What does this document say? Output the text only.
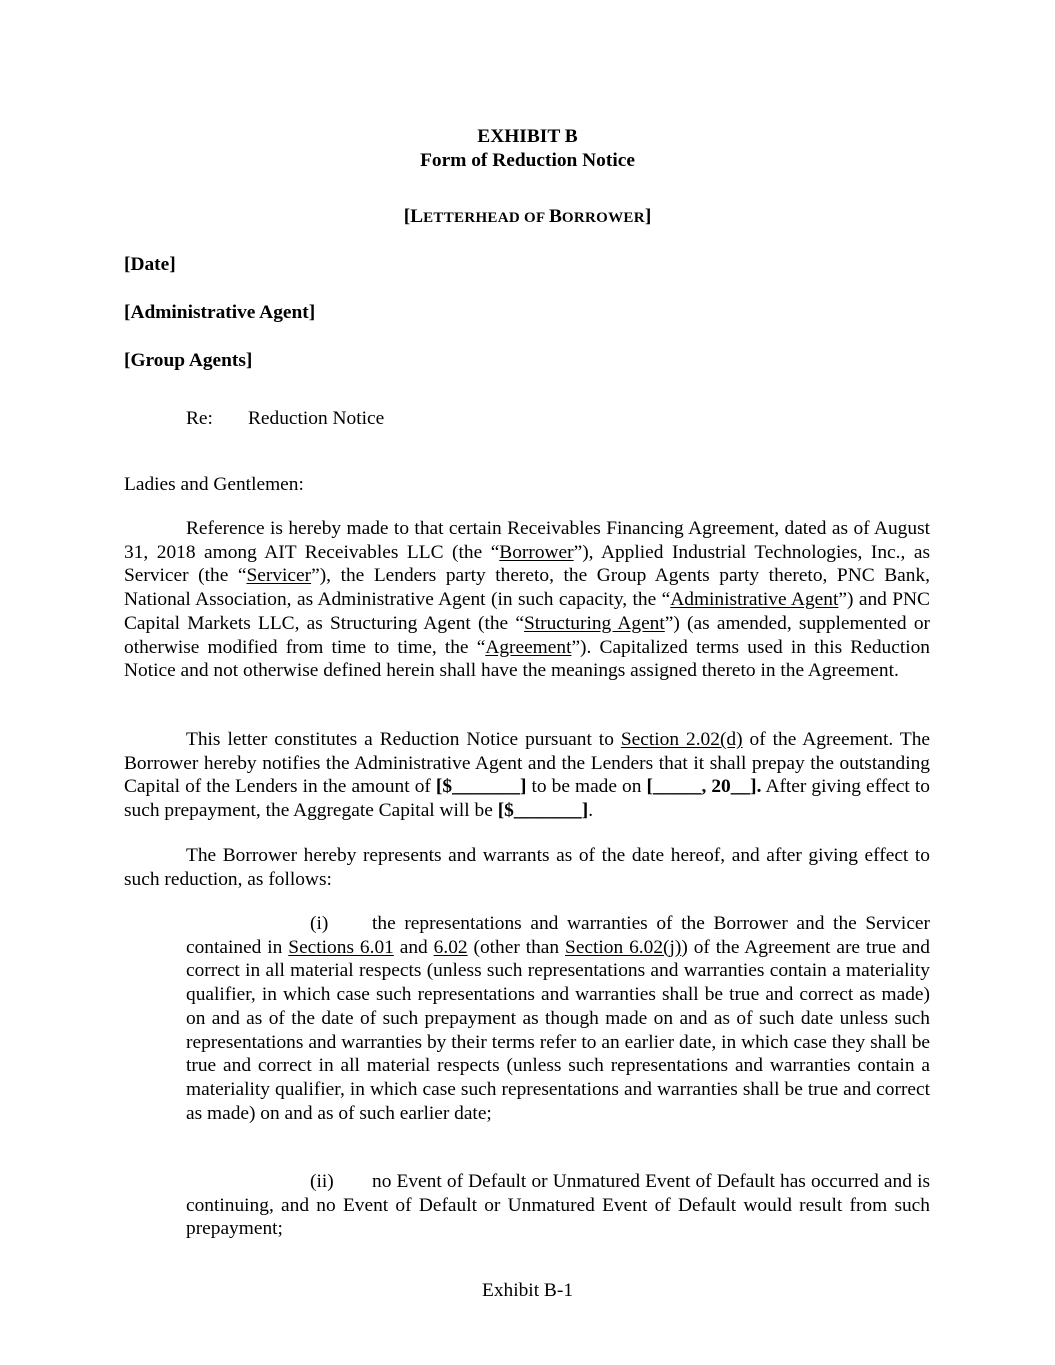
EXHIBIT B
Form of Reduction Notice
[LETTERHEAD OF BORROWER]
[Date]
[Administrative Agent]
[Group Agents]
Re: Reduction Notice
Ladies and Gentlemen:
Reference is hereby made to that certain Receivables Financing Agreement, dated as of August 31, 2018 among AIT Receivables LLC (the “Borrower”), Applied Industrial Technologies, Inc., as Servicer (the “Servicer”), the Lenders party thereto, the Group Agents party thereto, PNC Bank, National Association, as Administrative Agent (in such capacity, the “Administrative Agent”) and PNC Capital Markets LLC, as Structuring Agent (the “Structuring Agent”) (as amended, supplemented or otherwise modified from time to time, the “Agreement”). Capitalized terms used in this Reduction Notice and not otherwise defined herein shall have the meanings assigned thereto in the Agreement.
This letter constitutes a Reduction Notice pursuant to Section 2.02(d) of the Agreement. The Borrower hereby notifies the Administrative Agent and the Lenders that it shall prepay the outstanding Capital of the Lenders in the amount of [$_______] to be made on [_____, 20__]. After giving effect to such prepayment, the Aggregate Capital will be [$_______].
The Borrower hereby represents and warrants as of the date hereof, and after giving effect to such reduction, as follows:
(i) the representations and warranties of the Borrower and the Servicer contained in Sections 6.01 and 6.02 (other than Section 6.02(j)) of the Agreement are true and correct in all material respects (unless such representations and warranties contain a materiality qualifier, in which case such representations and warranties shall be true and correct as made) on and as of the date of such prepayment as though made on and as of such date unless such representations and warranties by their terms refer to an earlier date, in which case they shall be true and correct in all material respects (unless such representations and warranties contain a materiality qualifier, in which case such representations and warranties shall be true and correct as made) on and as of such earlier date;
(ii) no Event of Default or Unmatured Event of Default has occurred and is continuing, and no Event of Default or Unmatured Event of Default would result from such prepayment;
Exhibit B-1
